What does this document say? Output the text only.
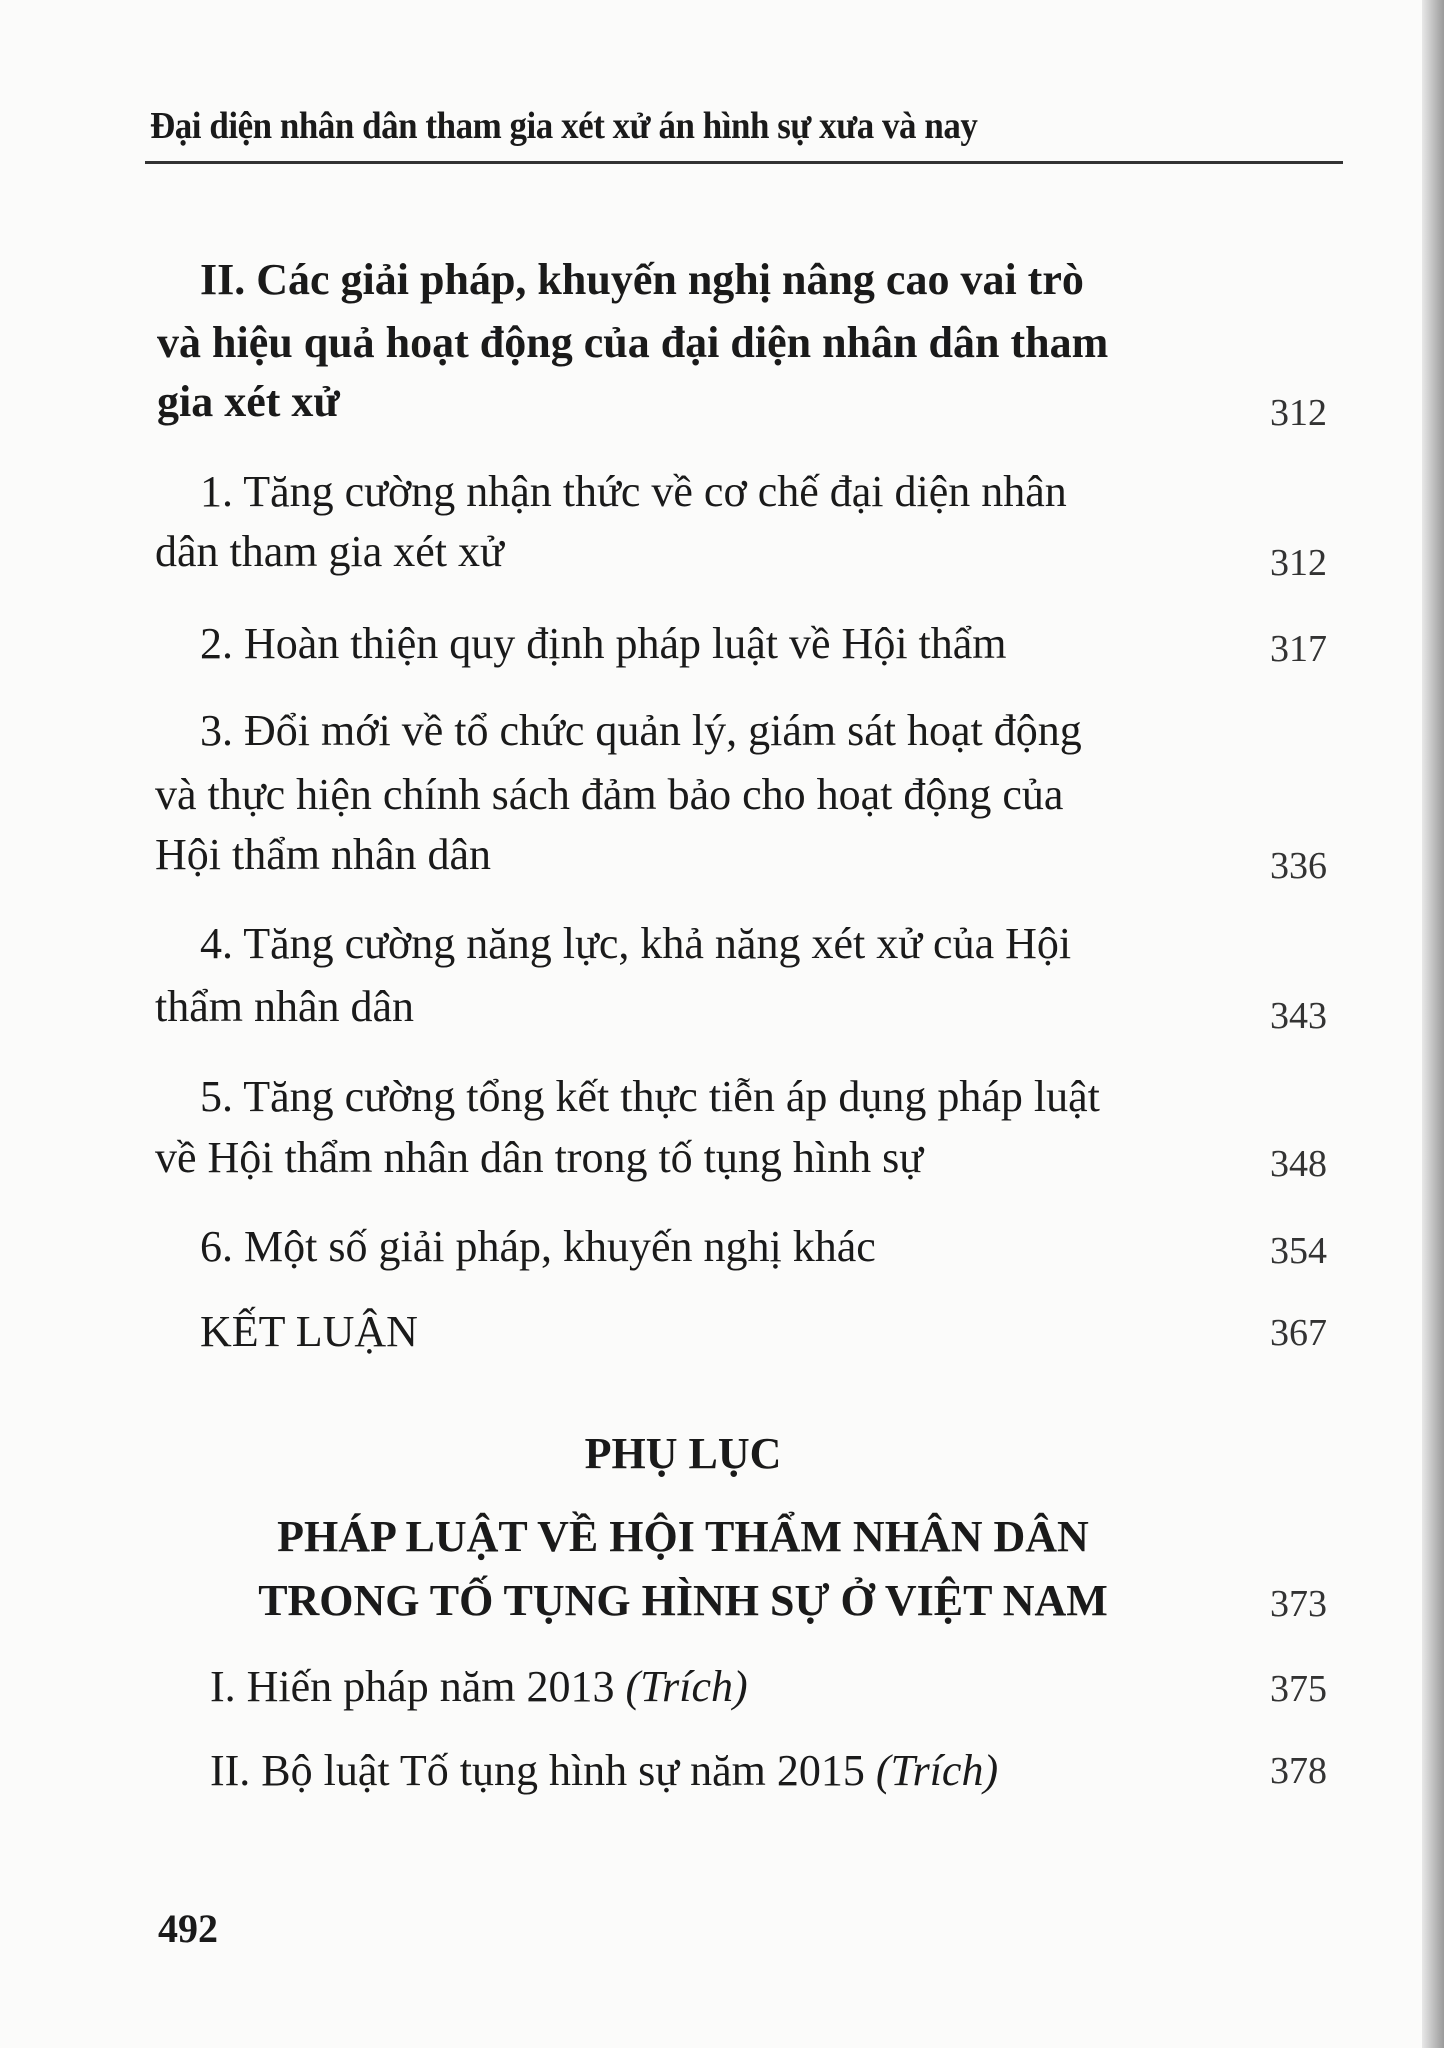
Đại diện nhân dân tham gia xét xử án hình sự xưa và nay
II. Các giải pháp, khuyến nghị nâng cao vai trò
và hiệu quả hoạt động của đại diện nhân dân tham
gia xét xử	312
1. Tăng cường nhận thức về cơ chế đại diện nhân
dân tham gia xét xử	312
2. Hoàn thiện quy định pháp luật về Hội thẩm	317
3. Đổi mới về tổ chức quản lý, giám sát hoạt động
và thực hiện chính sách đảm bảo cho hoạt động của
Hội thẩm nhân dân	336
4. Tăng cường năng lực, khả năng xét xử của Hội
thẩm nhân dân	343
5. Tăng cường tổng kết thực tiễn áp dụng pháp luật
về Hội thẩm nhân dân trong tố tụng hình sự	348
6. Một số giải pháp, khuyến nghị khác	354
KẾT LUẬN	367
PHỤ LỤC
PHÁP LUẬT VỀ HỘI THẨM NHÂN DÂN
TRONG TỐ TỤNG HÌNH SỰ Ở VIỆT NAM	373
I. Hiến pháp năm 2013 (Trích)	375
II. Bộ luật Tố tụng hình sự năm 2015 (Trích)	378
492
